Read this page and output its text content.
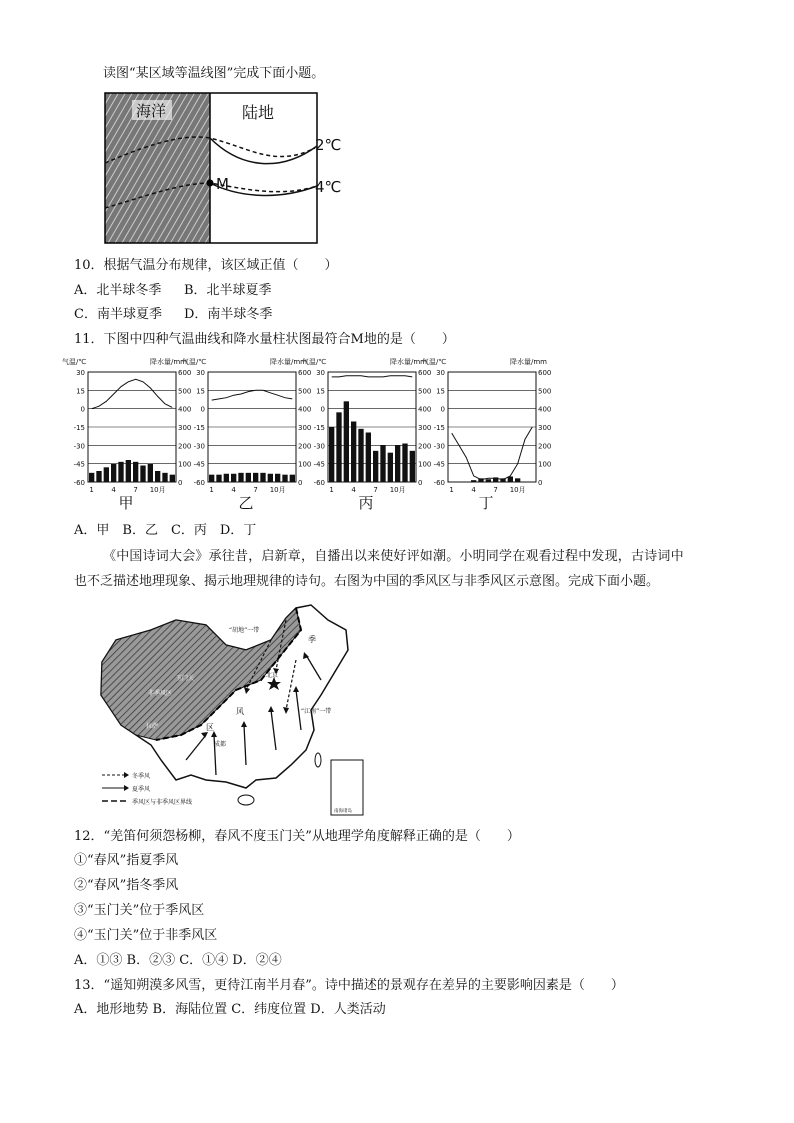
读图“某区域等温线图”完成下面小题。
海洋	陆地
2℃
4℃
M
10．根据气温分布规律，该区域正值（　　）
A．北半球冬季 B．北半球夏季
C．南半球夏季 D．南半球冬季
11．下图中四种气温曲线和降水量柱状图最符合M地的是（　　）
气温/℃	降水量/mm
30
15
0
-15
-30
-45
-60
600
500
400
300
200
100
0
1	4	7 10月
甲
气温/℃	降水量/mm
30
15
0
-15
-30
-45
-60
600
500
400
300
200
100
0
1	4	7 10月
乙
气温/℃	降水量/mm
30
15
0
-15
-30
-45
-60
600
500
400
300
200
100
0
1	4	7 10月
丙
气温/℃	降水量/mm
30
15
0
-15
-30
-45
-60
600
500
400
300
200
100
0
1	4	7 10月
丁
A．甲　B．乙　C．丙　D．丁
《中国诗词大会》承往昔，启新章，自播出以来使好评如潮。小明同学在观看过程中发现，古诗词中
也不乏描述地理现象、揭示地理规律的诗句。右图为中国的季风区与非季风区示意图。完成下面小题。
南海诸岛
“胡地”一带
季
玉门关
非季风区
拉萨
北京
风	“江南”一带
成都
区
冬季风
夏季风
季风区与非季风区界线
12．“羌笛何须怨杨柳，春风不度玉门关”从地理学角度解释正确的是（　　）
①“春风”指夏季风
②“春风”指冬季风
③“玉门关”位于季风区
④“玉门关”位于非季风区
A．①③ B．②③ C．①④ D．②④
13．“遥知朔漠多风雪，更待江南半月春”。诗中描述的景观存在差异的主要影响因素是（　　）
A．地形地势 B．海陆位置 C．纬度位置 D．人类活动
